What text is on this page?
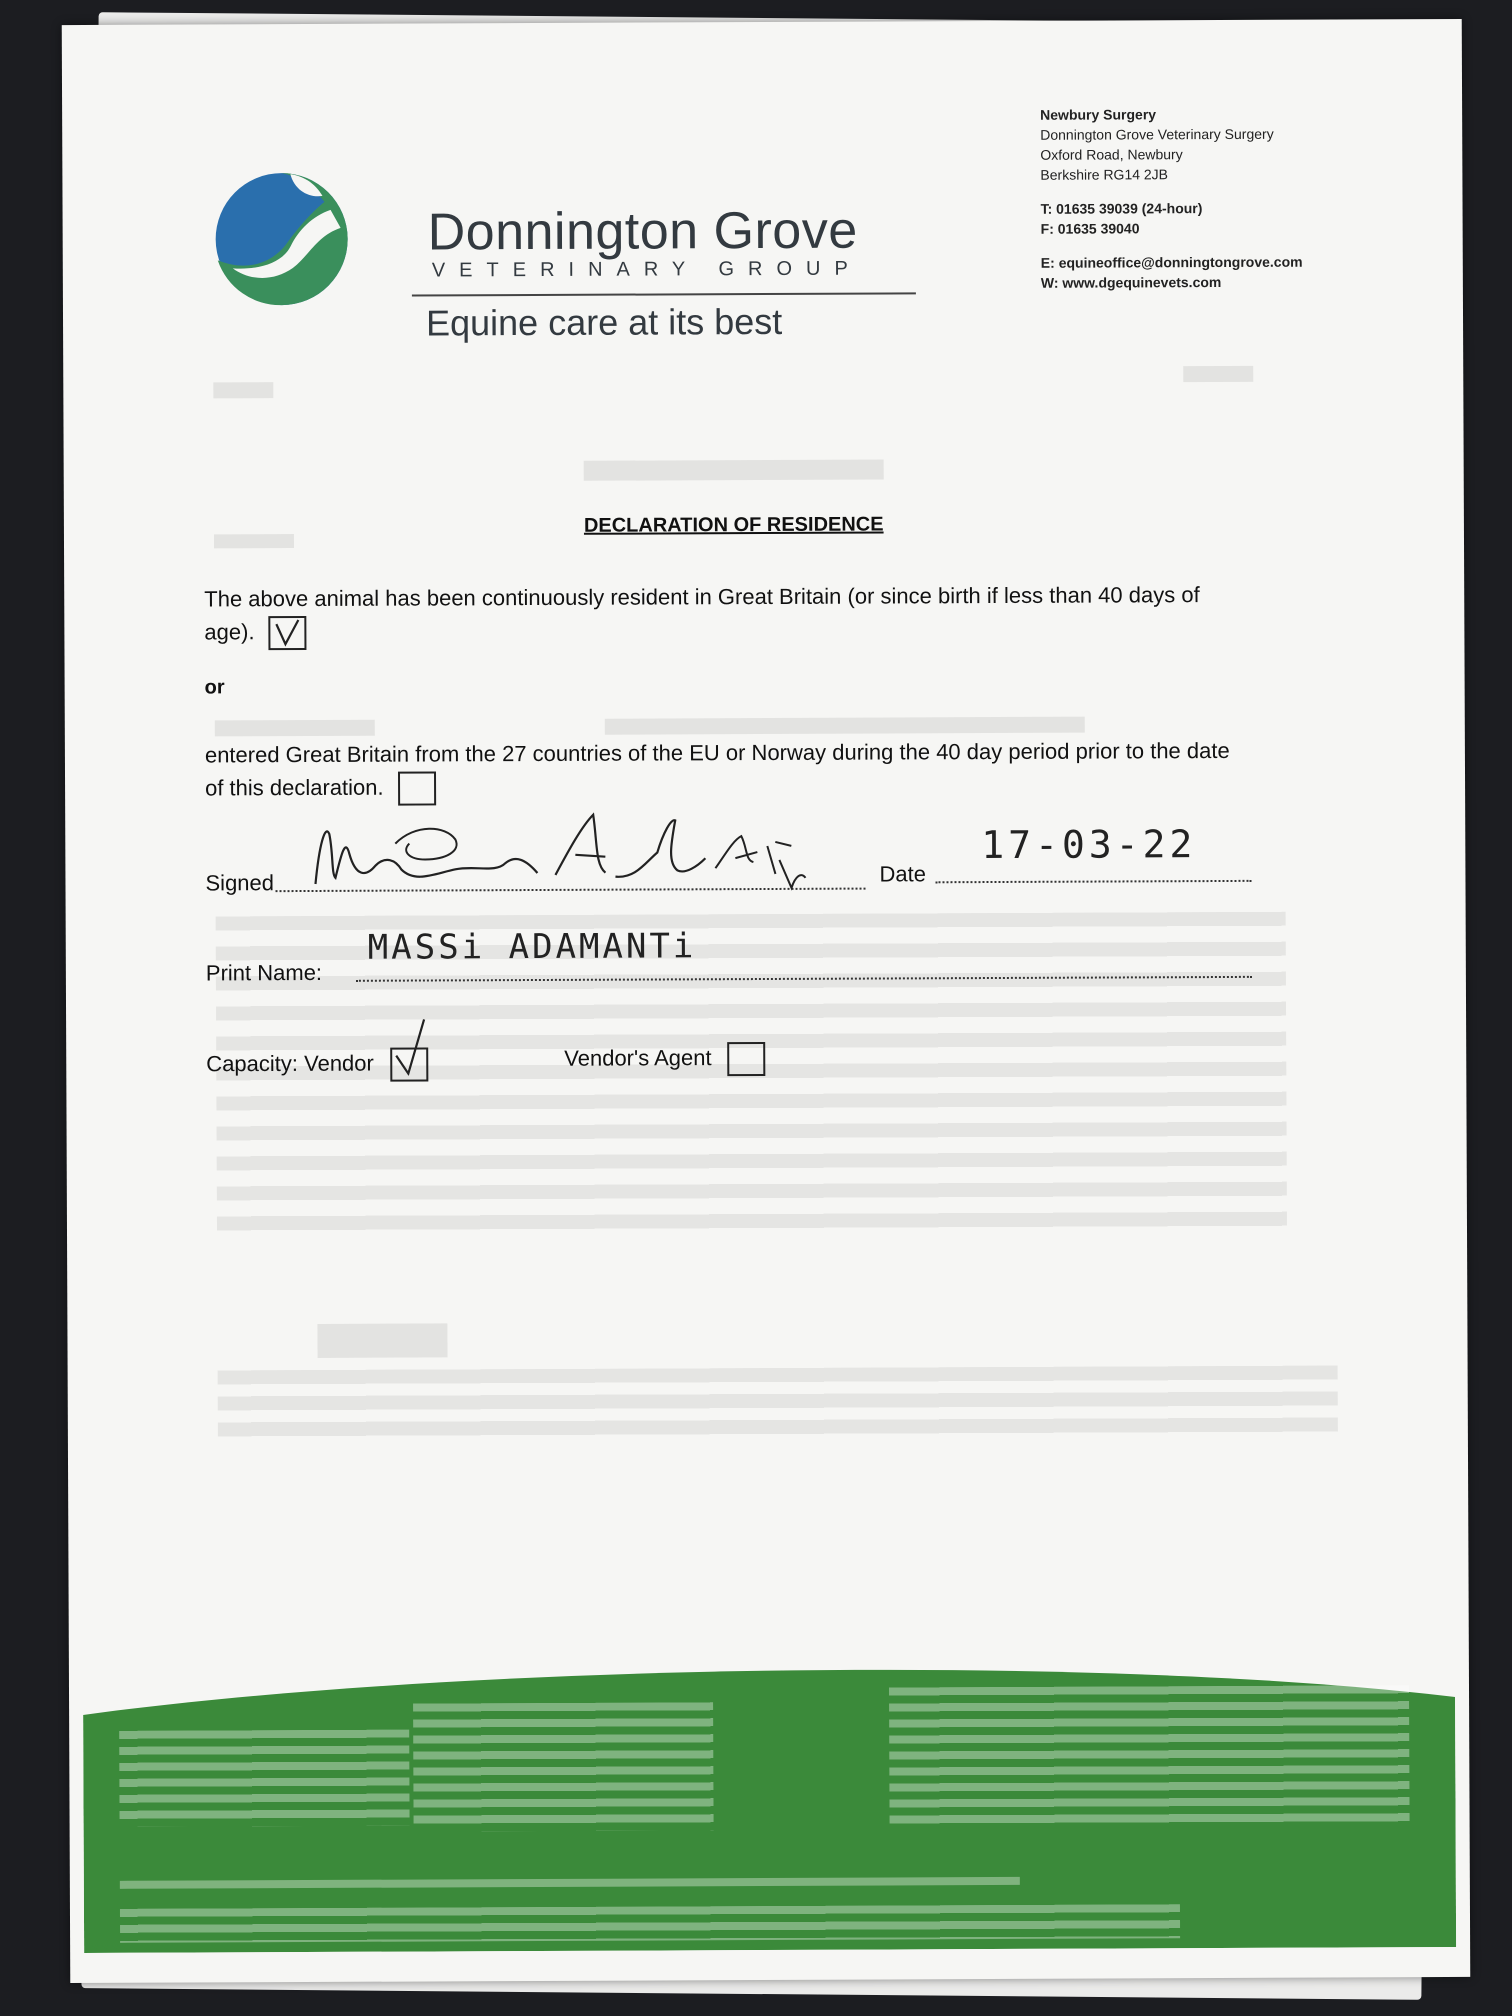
Newbury Surgery
Donnington Grove Veterinary Surgery
Oxford Road, Newbury
Berkshire RG14 2JB
T: 01635 39039 (24-hour)
F: 01635 39040
E: equineoffice@donningtongrove.com
W: www.dgequinevets.com
Donnington Grove
VETERINARY GROUP
Equine care at its best
DECLARATION OF RESIDENCE
The above animal has been continuously resident in Great Britain (or since birth if less than 40 days of age).
or
entered Great Britain from the 27 countries of the EU or Norway during the 40 day period prior to the date of this declaration.
Signed	Date
17-03-22
Print Name:
MASSi ADAMANTi
Capacity: Vendor	Vendor's Agent
